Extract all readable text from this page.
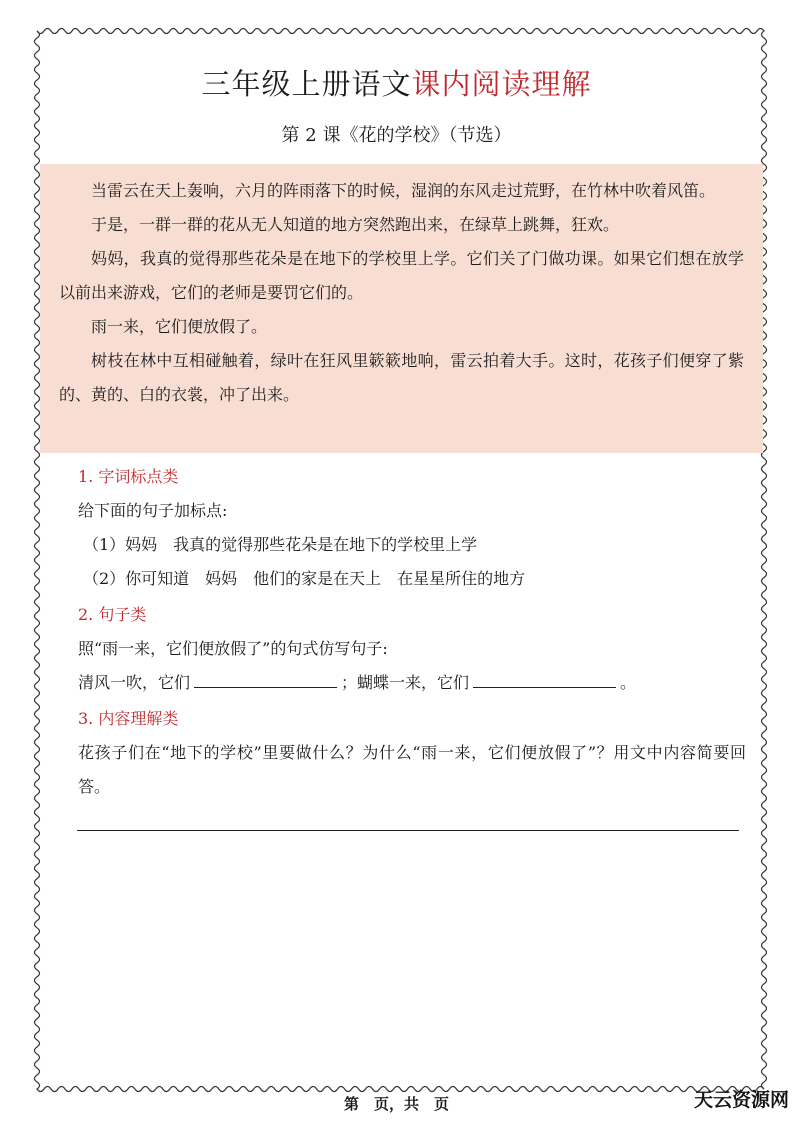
三年级上册语文课内阅读理解
第 2 课《花的学校》（节选）

当雷云在天上轰响，六月的阵雨落下的时候，湿润的东风走过荒野，在竹林中吹着风笛。

于是，一群一群的花从无人知道的地方突然跑出来，在绿草上跳舞，狂欢。

妈妈，我真的觉得那些花朵是在地下的学校里上学。它们关了门做功课。如果它们想在放学以前出来游戏，它们的老师是要罚它们的。

雨一来，它们便放假了。

树枝在林中互相碰触着，绿叶在狂风里簌簌地响，雷云拍着大手。这时，花孩子们便穿了紫的、黄的、白的衣裳，冲了出来。

1. 字词标点类
给下面的句子加标点:
（1）妈妈　我真的觉得那些花朵是在地下的学校里上学
（2）你可知道　妈妈　他们的家是在天上　在星星所住的地方
2. 句子类
照“雨一来，它们便放假了”的句式仿写句子:
清风一吹，它们	；蝴蝶一来，它们	。
3. 内容理解类
花孩子们在“地下的学校”里要做什么？为什么“雨一来，它们便放假了”？用文中内容简要回答。
第　页，共　页	天云资源网
